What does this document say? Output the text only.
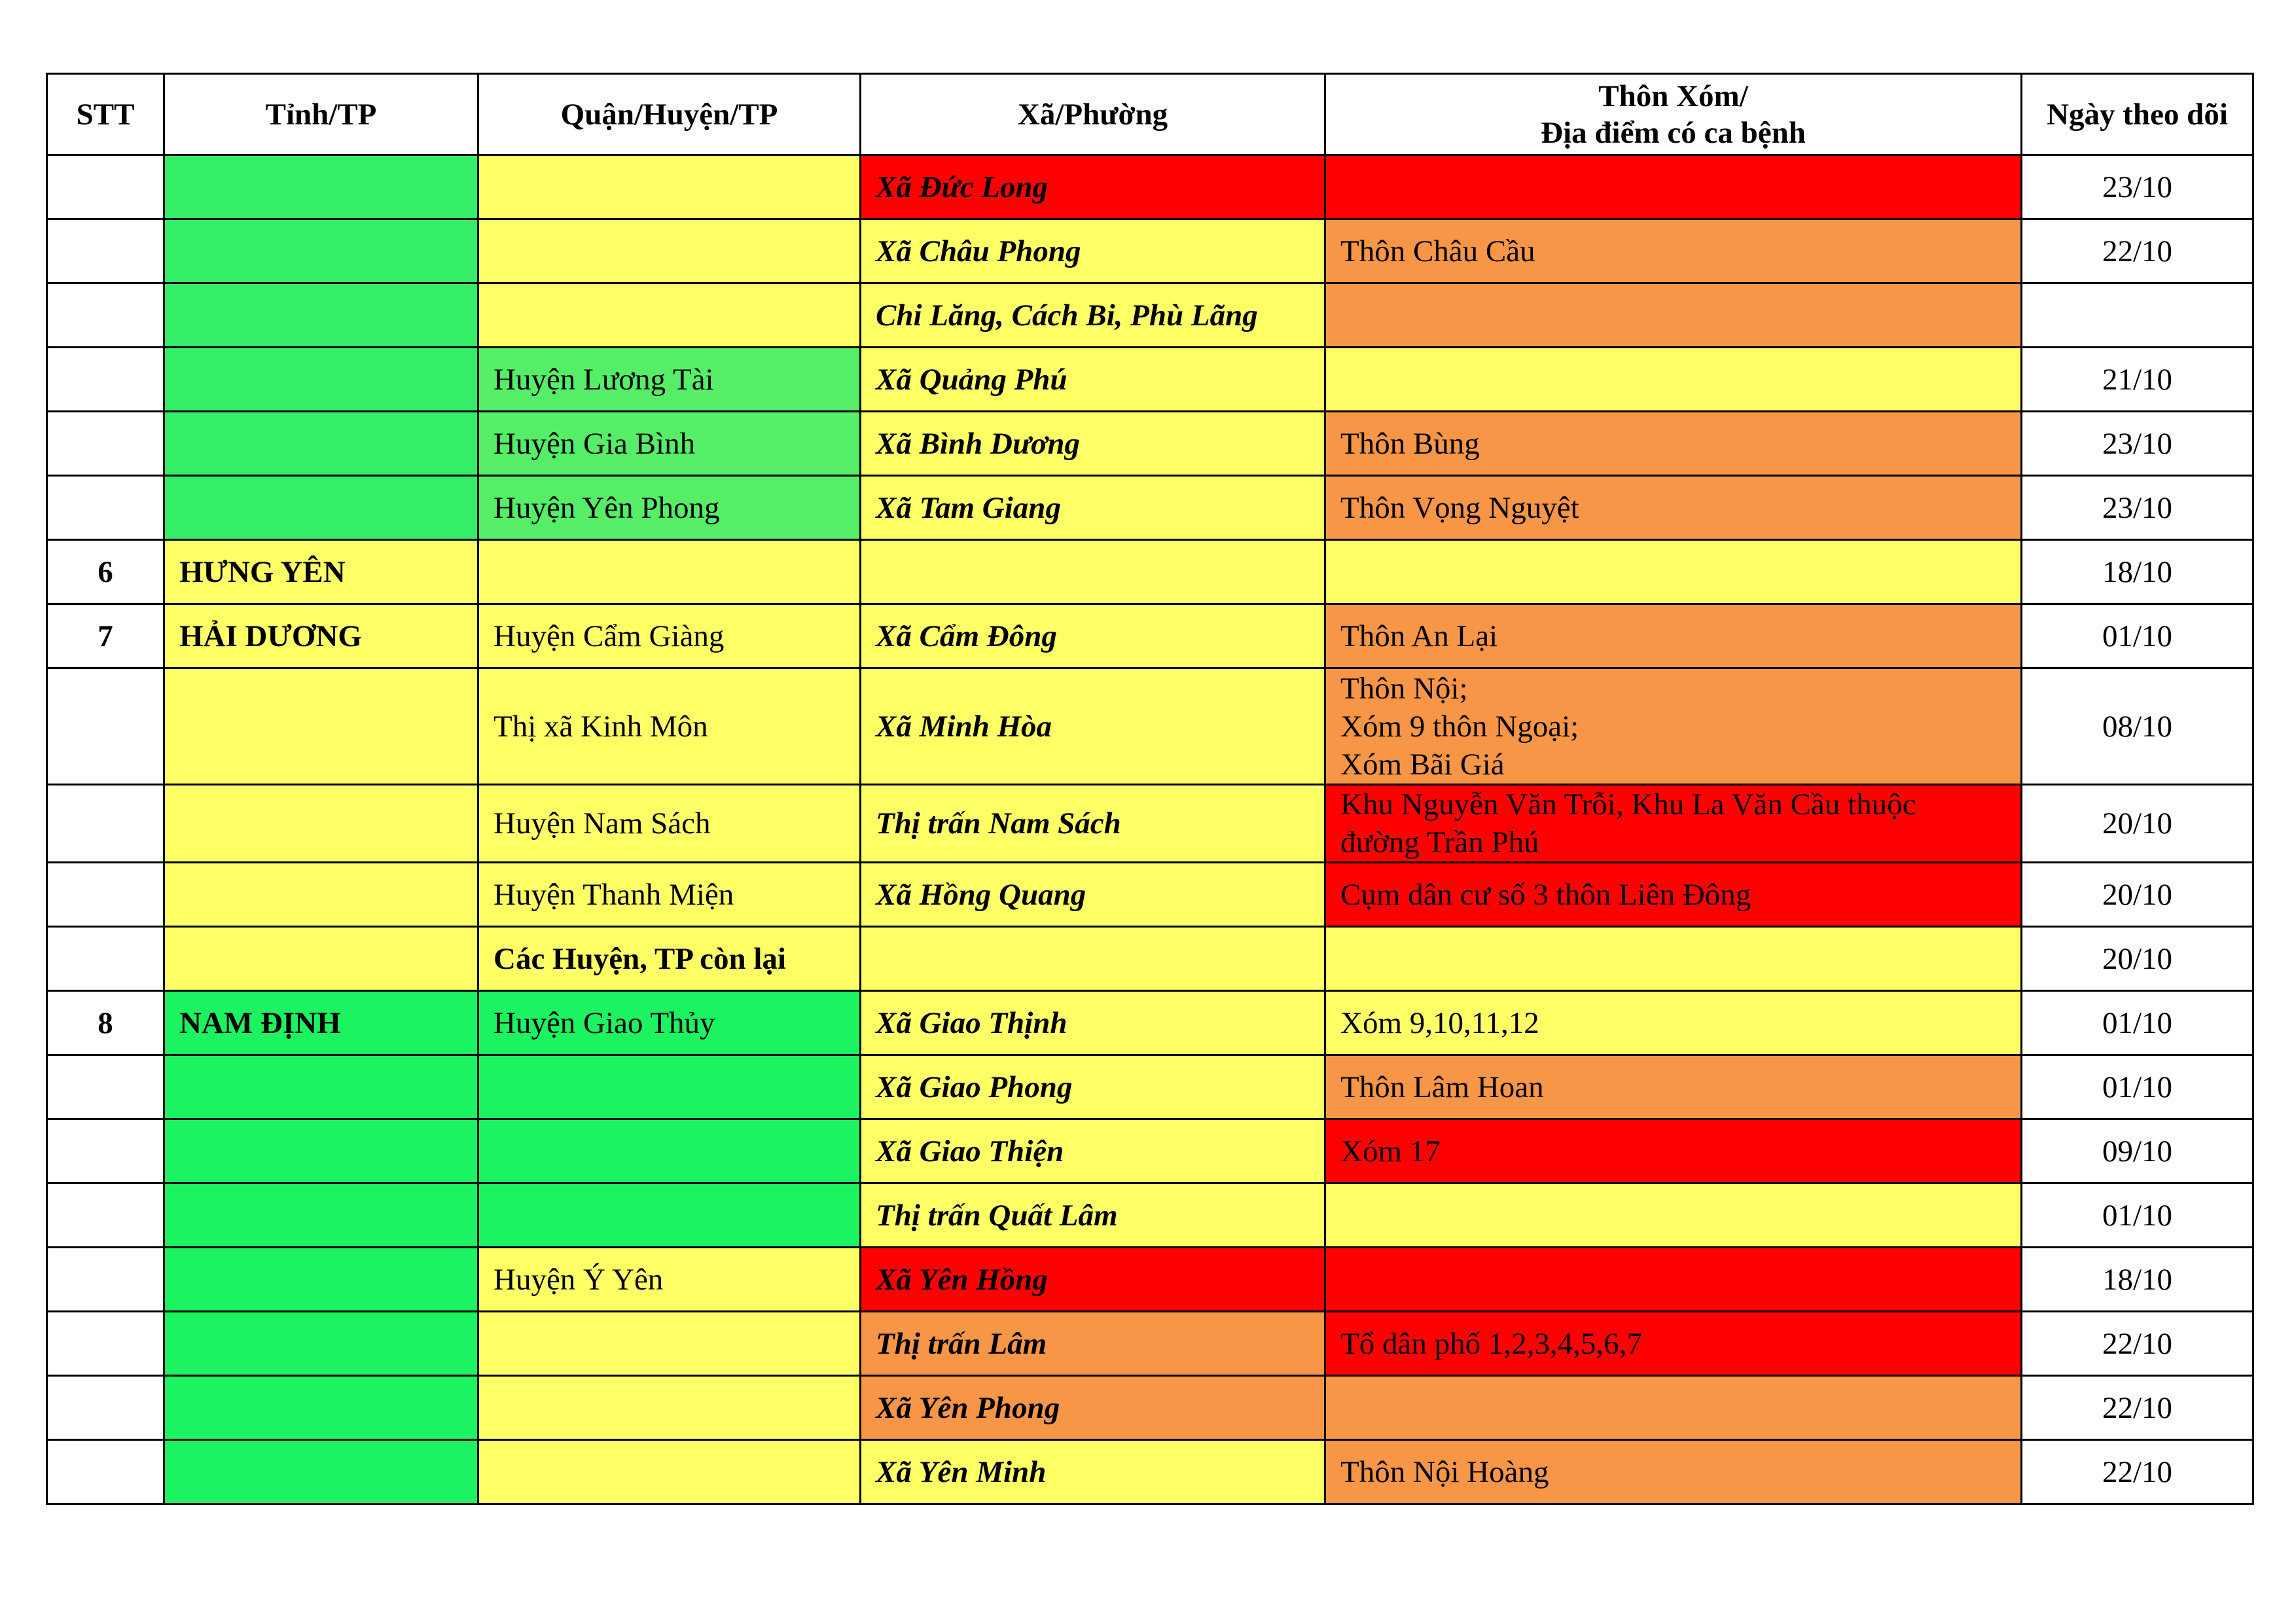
STT	Tỉnh/TP	Quận/Huyện/TP	Xã/Phường	Thôn Xóm/
Địa điểm có ca bệnh	Ngày theo dõi
			Xã Đức Long		23/10
			Xã Châu Phong	Thôn Châu Cầu	22/10
			Chi Lăng, Cách Bi, Phù Lãng	

		Huyện Lương Tài	Xã Quảng Phú		21/10
		Huyện Gia Bình	Xã Bình Dương	Thôn Bùng	23/10
		Huyện Yên Phong	Xã Tam Giang	Thôn Vọng Nguyệt	23/10
6	HƯNG YÊN				18/10
7	HẢI DƯƠNG	Huyện Cẩm Giàng	Xã Cẩm Đông	Thôn An Lại	01/10
		Thị xã Kinh Môn	Xã Minh Hòa	Thôn Nội;
Xóm 9 thôn Ngoại;
Xóm Bãi Giá	08/10
		Huyện Nam Sách	Thị trấn Nam Sách	Khu Nguyễn Văn Trỗi, Khu La Văn Cầu thuộc
đường Trần Phú	20/10
		Huyện Thanh Miện	Xã Hồng Quang	Cụm dân cư số 3 thôn Liên Đông	20/10
		Các Huyện, TP còn lại			20/10
8	NAM ĐỊNH	Huyện Giao Thủy	Xã Giao Thịnh	Xóm 9,10,11,12	01/10
			Xã Giao Phong	Thôn Lâm Hoan	01/10
			Xã Giao Thiện	Xóm 17	09/10
			Thị trấn Quất Lâm		01/10
		Huyện Ý Yên	Xã Yên Hồng		18/10
			Thị trấn Lâm	Tổ dân phố 1,2,3,4,5,6,7	22/10
			Xã Yên Phong		22/10
			Xã Yên Minh	Thôn Nội Hoàng	22/10
